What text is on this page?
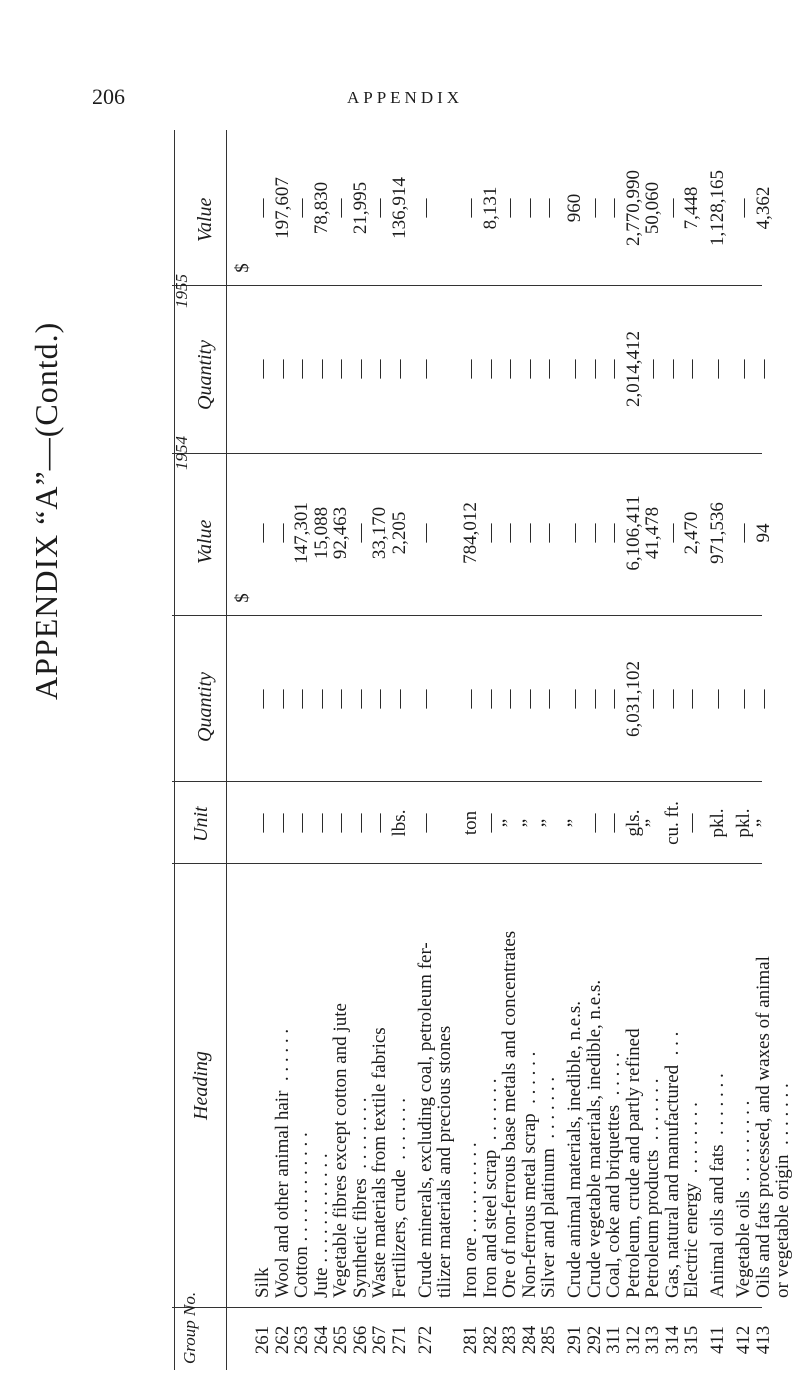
206	APPENDIX
APPENDIX “A”—(Contd.)
Group No.
Heading
Unit
1954
1955
Quantity
Value
Quantity
Value
$
$
261
Silk
—
—
—
—
—
262
Wool and other animal hair  . . . . . .
—
—
—
—
197,607
263
Cotton . . . . . . . . . . . .
—
—
147,301
—
—
264
Jute . . . . . . . . . . . .
—
—
15,088
—
78,830
265
Vegetable fibres except cotton and jute
—
—
92,463
—
—
266
Synthetic fibres  . . . . . . . .
—
—
—
—
21,995
267
Waste materials from textile fabrics
—
—
33,170
—
—
271
Fertilizers, crude  . . . . . . .
lbs.
—
2,205
—
136,914
272
Crude minerals, excluding coal, petroleum fer-
—
—
—
—
—
tilizer materials and precious stones
281
Iron ore . . . . . . . . . .
ton
—
784,012
—
—
282
Iron and steel scrap  . . . . . . .
—
—
—
—
8,131
283
Ore of non-ferrous base metals and concentrates
”
—
—
—
—
284
Non-ferrous metal scrap  . . . . . .
”
—
—
—
—
285
Silver and platinum  . . . . . . .
”
—
—
—
—
291
Crude animal materials, inedible, n.e.s.
”
—
—
—
960
292
Crude vegetable materials, inedible, n.e.s.
—
—
—
—
—
311
Coal, coke and briquettes  . . . . .
—
—
—
—
—
312
Petroleum, crude and partly refined
gls.
6,031,102
6,106,411
2,014,412
2,770,990
313
Petroleum products  . . . . . . .
”
—
41,478
—
50,060
314
Gas, natural and manufactured  . . .
cu. ft.
—
—
—
—
315
Electric energy  . . . . . . . .
—
—
2,470
—
7,448
411
Animal oils and fats  . . . . . . .
pkl.
—
971,536
—
1,128,165
412
Vegetable oils  . . . . . . . . .
pkl.
—
—
—
—
413
Oils and fats processed, and waxes of animal
”
—
94
—
4,362
or vegetable origin  . . . . . . .
